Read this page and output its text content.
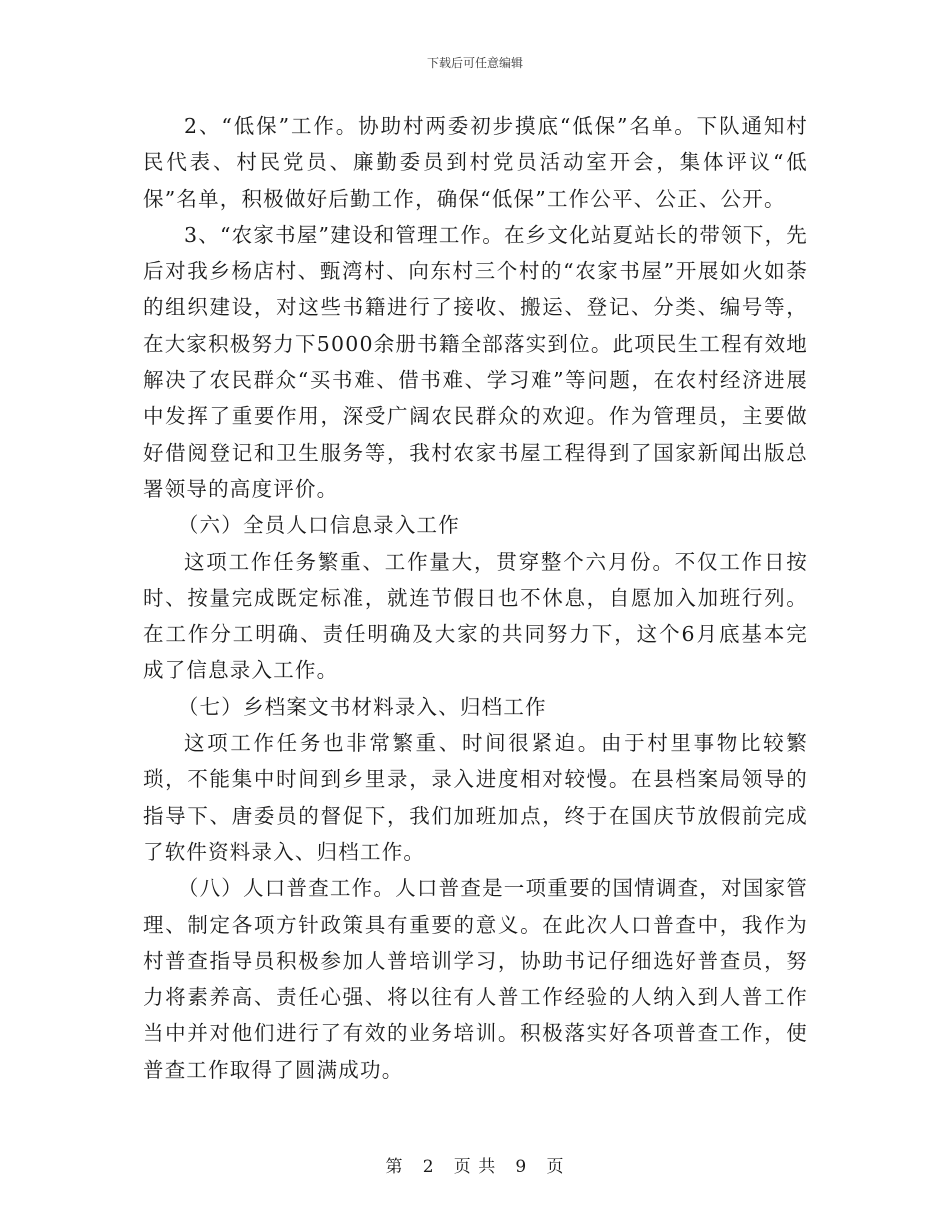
下载后可任意编辑

2、“低保”工作。协助村两委初步摸底“低保”名单。下队通知村民代表、村民党员、廉勤委员到村党员活动室开会，集体评议“低保”名单，积极做好后勤工作，确保“低保”工作公平、公正、公开。

3、“农家书屋”建设和管理工作。在乡文化站夏站长的带领下，先后对我乡杨店村、甄湾村、向东村三个村的“农家书屋”开展如火如荼的组织建设，对这些书籍进行了接收、搬运、登记、分类、编号等，在大家积极努力下5000余册书籍全部落实到位。此项民生工程有效地解决了农民群众“买书难、借书难、学习难”等问题，在农村经济进展中发挥了重要作用，深受广阔农民群众的欢迎。作为管理员，主要做好借阅登记和卫生服务等，我村农家书屋工程得到了国家新闻出版总署领导的高度评价。

（六）全员人口信息录入工作

这项工作任务繁重、工作量大，贯穿整个六月份。不仅工作日按时、按量完成既定标准，就连节假日也不休息，自愿加入加班行列。在工作分工明确、责任明确及大家的共同努力下，这个6月底基本完成了信息录入工作。

（七）乡档案文书材料录入、归档工作

这项工作任务也非常繁重、时间很紧迫。由于村里事物比较繁琐，不能集中时间到乡里录，录入进度相对较慢。在县档案局领导的指导下、唐委员的督促下，我们加班加点，终于在国庆节放假前完成了软件资料录入、归档工作。

（八）人口普查工作。人口普查是一项重要的国情调查，对国家管理、制定各项方针政策具有重要的意义。在此次人口普查中，我作为村普查指导员积极参加人普培训学习，协助书记仔细选好普查员，努力将素养高、责任心强、将以往有人普工作经验的人纳入到人普工作当中并对他们进行了有效的业务培训。积极落实好各项普查工作，使普查工作取得了圆满成功。

第 2 页 共 9 页
